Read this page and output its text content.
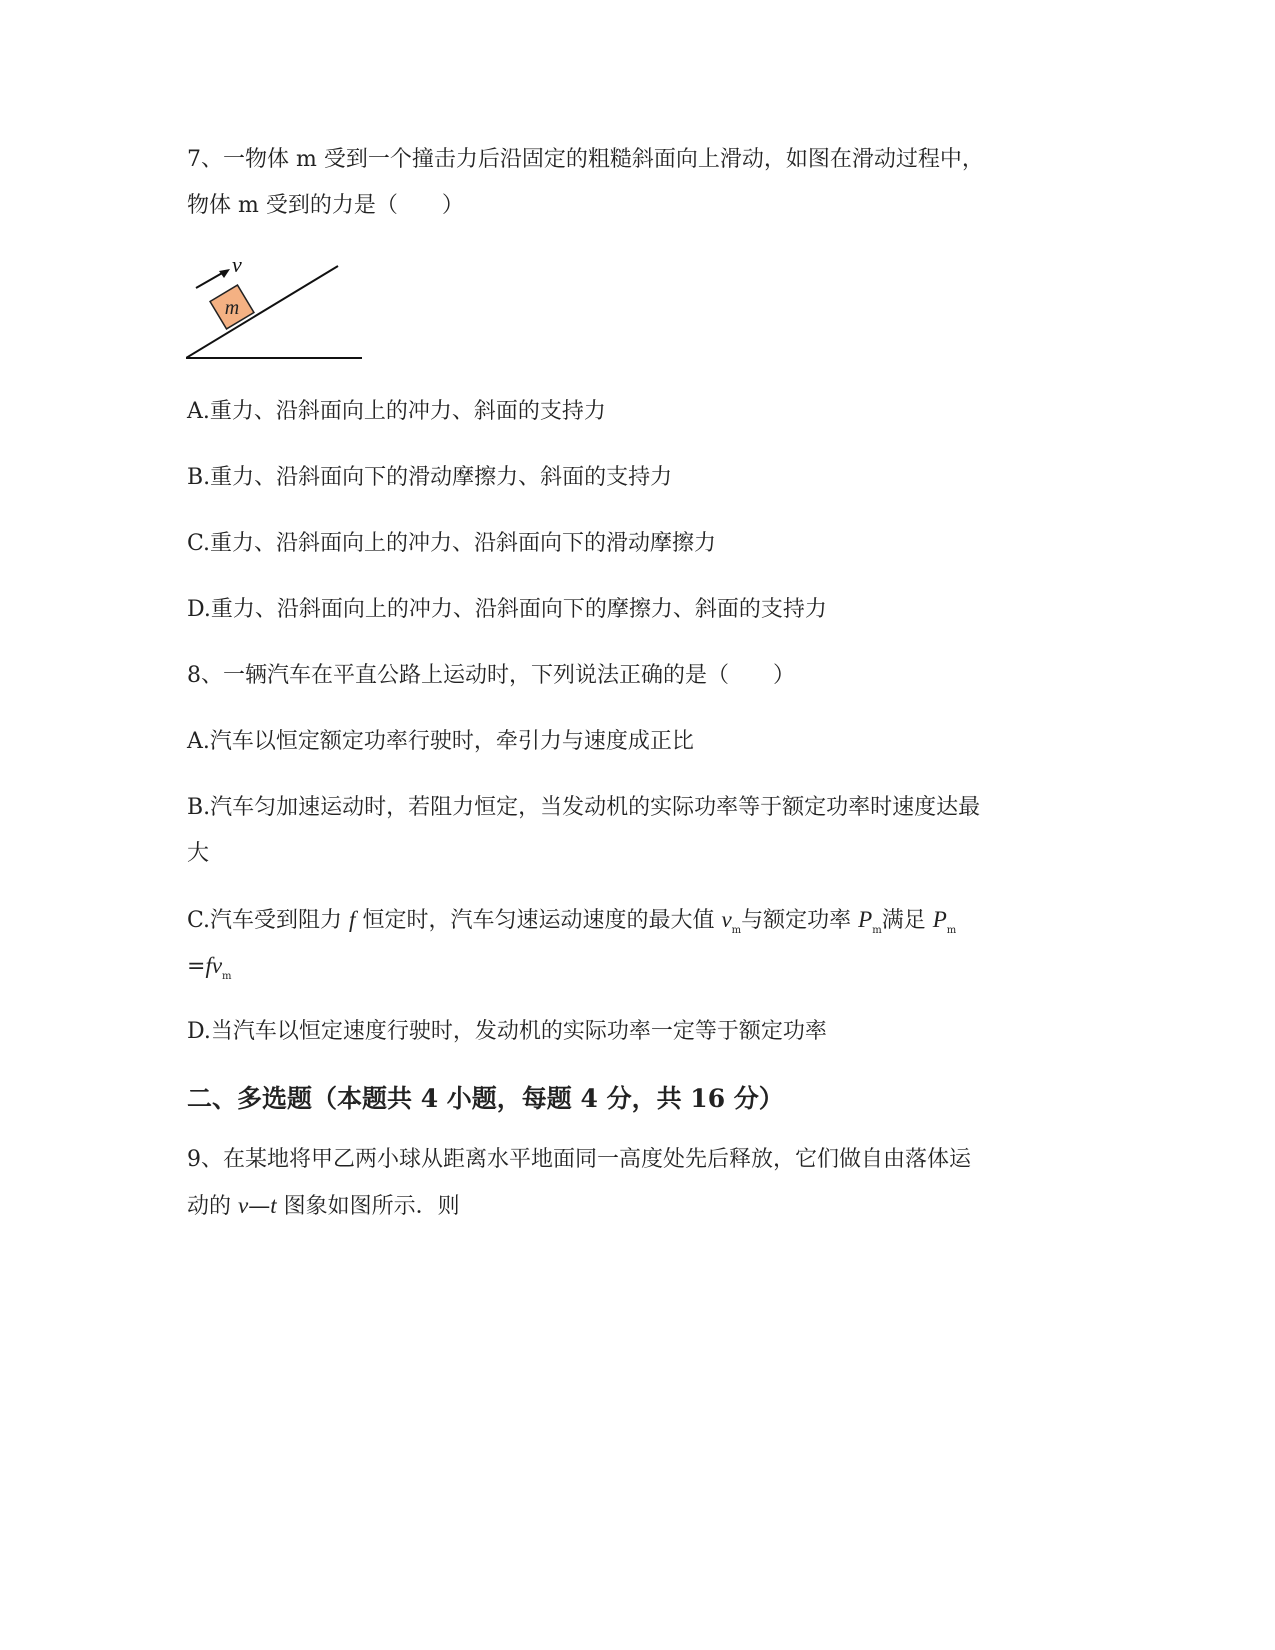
7、一物体 m 受到一个撞击力后沿固定的粗糙斜面向上滑动，如图在滑动过程中，
物体 m 受到的力是（　　）
m
v
A.重力、沿斜面向上的冲力、斜面的支持力
B.重力、沿斜面向下的滑动摩擦力、斜面的支持力
C.重力、沿斜面向上的冲力、沿斜面向下的滑动摩擦力
D.重力、沿斜面向上的冲力、沿斜面向下的摩擦力、斜面的支持力
8、一辆汽车在平直公路上运动时，下列说法正确的是（　　）
A.汽车以恒定额定功率行驶时，牵引力与速度成正比
B.汽车匀加速运动时，若阻力恒定，当发动机的实际功率等于额定功率时速度达最
大
C.汽车受到阻力 f 恒定时，汽车匀速运动速度的最大值 $v_m$与额定功率 $P_m$满足 $P_m$
$=fv_m$
D.当汽车以恒定速度行驶时，发动机的实际功率一定等于额定功率
二、多选题（本题共 4 小题，每题 4 分，共 16 分）
9、在某地将甲乙两小球从距离水平地面同一高度处先后释放，它们做自由落体运
动的 v—t 图象如图所示．则
